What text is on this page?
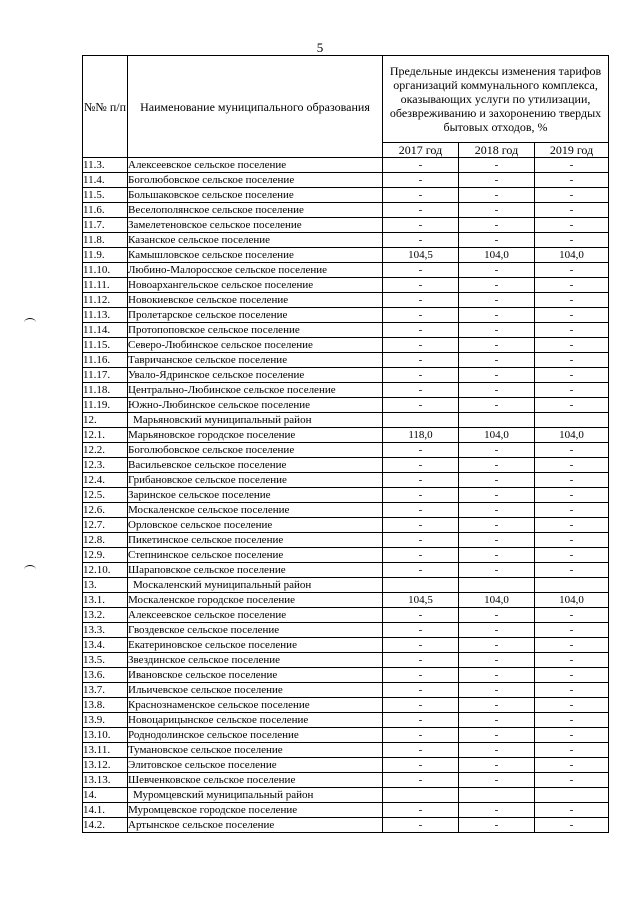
5
№№ п/п	Наименование муниципального образования	Предельные индексы изменения тарифов организаций коммунального комплекса, оказывающих услуги по утилизации, обезвреживанию и захоронению твердых бытовых отходов, %		
		2017 год	2018 год	2019 год
11.3.	Алексеевское сельское поселение	-	-	-
11.4.	Боголюбовское сельское поселение	-	-	-
11.5.	Большаковское сельское поселение	-	-	-
11.6.	Веселополянское сельское поселение	-	-	-
11.7.	Замелетеновское сельское поселение	-	-	-
11.8.	Казанское сельское поселение	-	-	-
11.9.	Камышловское сельское поселение	104,5	104,0	104,0
11.10.	Любино-Малоросское сельское поселение	-	-	-
11.11.	Новоархангельское сельское поселение	-	-	-
11.12.	Новокиевское сельское поселение	-	-	-
11.13.	Пролетарское сельское поселение	-	-	-
11.14.	Протопоповское сельское поселение	-	-	-
11.15.	Северо-Любинское сельское поселение	-	-	-
11.16.	Тавричанское сельское поселение	-	-	-
11.17.	Увало-Ядринское сельское поселение	-	-	-
11.18.	Центрально-Любинское сельское поселение	-	-	-
11.19.	Южно-Любинское сельское поселение	-	-	-
12.	Марьяновский муниципальный район			
12.1.	Марьяновское городское поселение	118,0	104,0	104,0
12.2.	Боголюбовское сельское поселение	-	-	-
12.3.	Васильевское сельское поселение	-	-	-
12.4.	Грибановское сельское поселение	-	-	-
12.5.	Заринское сельское поселение	-	-	-
12.6.	Москаленское сельское поселение	-	-	-
12.7.	Орловское сельское поселение	-	-	-
12.8.	Пикетинское сельское поселение	-	-	-
12.9.	Степнинское сельское поселение	-	-	-
12.10.	Шараповское сельское поселение	-	-	-
13.	Москаленский муниципальный район			
13.1.	Москаленское городское поселение	104,5	104,0	104,0
13.2.	Алексеевское сельское поселение	-	-	-
13.3.	Гвоздевское сельское поселение	-	-	-
13.4.	Екатериновское сельское поселение	-	-	-
13.5.	Звездинское сельское поселение	-	-	-
13.6.	Ивановское сельское поселение	-	-	-
13.7.	Ильичевское сельское поселение	-	-	-
13.8.	Краснознаменское сельское поселение	-	-	-
13.9.	Новоцарицынское сельское поселение	-	-	-
13.10.	Роднодолинское сельское поселение	-	-	-
13.11.	Тумановское сельское поселение	-	-	-
13.12.	Элитовское сельское поселение	-	-	-
13.13.	Шевченковское сельское поселение	-	-	-
14.	Муромцевский муниципальный район			
14.1.	Муромцевское городское поселение	-	-	-
14.2.	Артынское сельское поселение	-	-	-
